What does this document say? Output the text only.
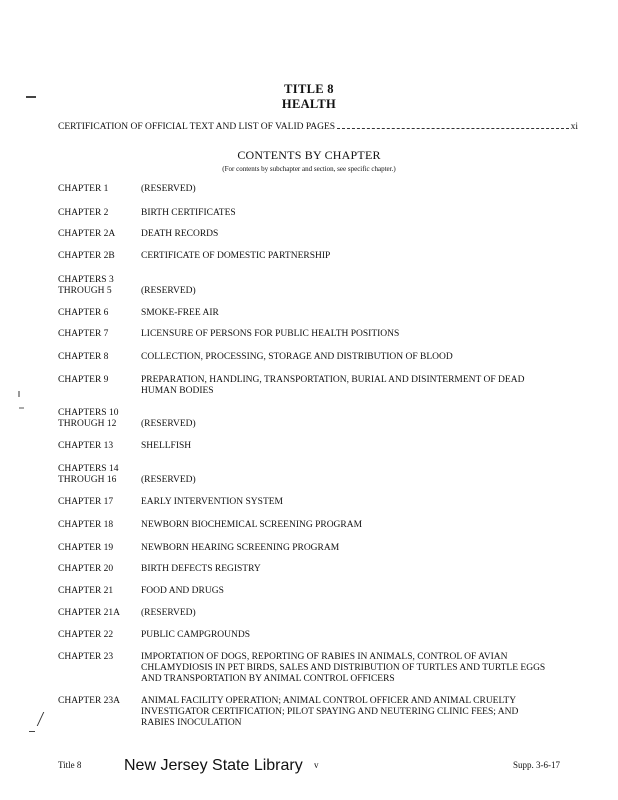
TITLE 8
HEALTH
CERTIFICATION OF OFFICIAL TEXT AND LIST OF VALID PAGES	xi
CONTENTS BY CHAPTER
(For contents by subchapter and section, see specific chapter.)
CHAPTER 1	(RESERVED)
CHAPTER 2	BIRTH CERTIFICATES
CHAPTER 2A	DEATH RECORDS
CHAPTER 2B	CERTIFICATE OF DOMESTIC PARTNERSHIP
CHAPTERS 3
THROUGH 5	(RESERVED)
CHAPTER 6	SMOKE-FREE AIR
CHAPTER 7	LICENSURE OF PERSONS FOR PUBLIC HEALTH POSITIONS
CHAPTER 8	COLLECTION, PROCESSING, STORAGE AND DISTRIBUTION OF BLOOD
CHAPTER 9	PREPARATION, HANDLING, TRANSPORTATION, BURIAL AND DISINTERMENT OF DEAD
HUMAN BODIES
CHAPTERS 10
THROUGH 12	(RESERVED)
CHAPTER 13	SHELLFISH
CHAPTERS 14
THROUGH 16	(RESERVED)
CHAPTER 17	EARLY INTERVENTION SYSTEM
CHAPTER 18	NEWBORN BIOCHEMICAL SCREENING PROGRAM
CHAPTER 19	NEWBORN HEARING SCREENING PROGRAM
CHAPTER 20	BIRTH DEFECTS REGISTRY
CHAPTER 21	FOOD AND DRUGS
CHAPTER 21A	(RESERVED)
CHAPTER 22	PUBLIC CAMPGROUNDS
CHAPTER 23	IMPORTATION OF DOGS, REPORTING OF RABIES IN ANIMALS, CONTROL OF AVIAN
CHLAMYDIOSIS IN PET BIRDS, SALES AND DISTRIBUTION OF TURTLES AND TURTLE EGGS
AND TRANSPORTATION BY ANIMAL CONTROL OFFICERS
CHAPTER 23A	ANIMAL FACILITY OPERATION; ANIMAL CONTROL OFFICER AND ANIMAL CRUELTY
INVESTIGATOR CERTIFICATION; PILOT SPAYING AND NEUTERING CLINIC FEES; AND
RABIES INOCULATION
Title 8	New Jersey State Library v	Supp. 3-6-17
